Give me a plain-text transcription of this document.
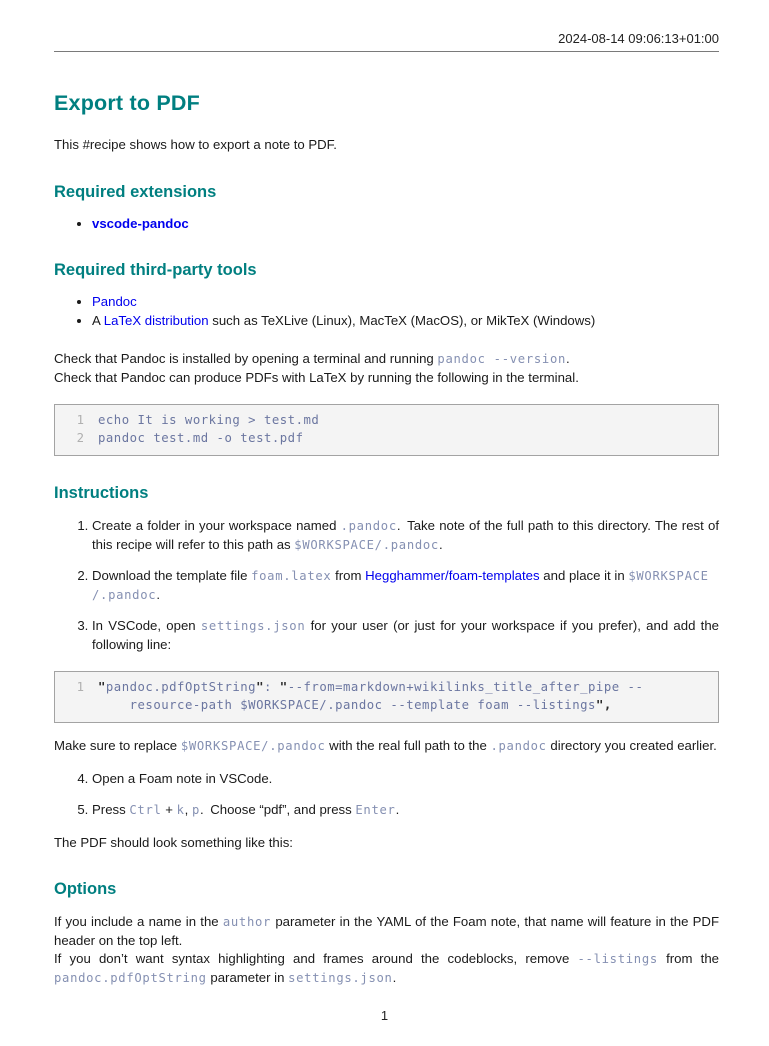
2024-08-14 09:06:13+01:00
Export to PDF

This #recipe shows how to export a note to PDF.

Required extensions
• vscode-pandoc
Required third-party tools
• Pandoc
• A LaTeX distribution such as TeXLive (Linux), MacTeX (MacOS), or MikTeX (Windows)

Check that Pandoc is installed by opening a terminal and running pandoc --version.
Check that Pandoc can produce PDFs with LaTeX by running the following in the terminal.

1 echo It is working > test.md
2 pandoc test.md -o test.pdf
Instructions
1. Create a folder in your workspace named .pandoc. Take note of the full path to this directory. The rest of this recipe will refer to this path as $WORKSPACE/.pandoc.
2. Download the template file foam.latex from Hegghammer/foam-templates and place it in $WORKSPACE
/.pandoc.
3. In VSCode, open settings.json for your user (or just for your workspace if you prefer), and add the following line:
1 "pandoc.pdfOptString": "--from=markdown+wikilinks_title_after_pipe --
resource-path $WORKSPACE/.pandoc --template foam --listings",

Make sure to replace $WORKSPACE/.pandoc with the real full path to the .pandoc directory you created earlier.

4. Open a Foam note in VSCode.
5. Press Ctrl + k, p. Choose “pdf”, and press Enter.

The PDF should look something like this:

Options

If you include a name in the author parameter in the YAML of the Foam note, that name will feature in the PDF header on the top left.
If you don’t want syntax highlighting and frames around the codeblocks, remove --listings from the pandoc.pdfOptString parameter in settings.json.

1
